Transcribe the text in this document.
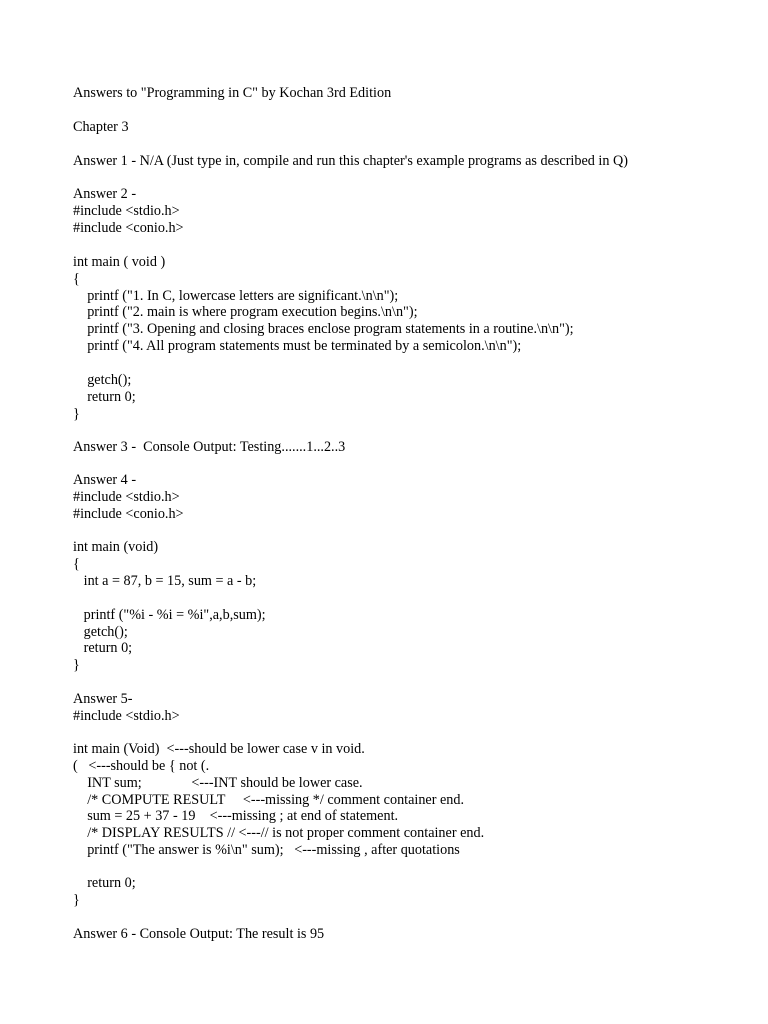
Answers to "Programming in C" by Kochan 3rd Edition
Chapter 3
Answer 1 - N/A (Just type in, compile and run this chapter's example programs as described in Q)
Answer 2 -
#include <stdio.h>
#include <conio.h>
int main ( void )
{
printf ("1. In C, lowercase letters are significant.\n\n");
printf ("2. main is where program execution begins.\n\n");
printf ("3. Opening and closing braces enclose program statements in a routine.\n\n");
printf ("4. All program statements must be terminated by a semicolon.\n\n");
getch();
return 0;
}
Answer 3 -  Console Output: Testing.......1...2..3
Answer 4 -
#include <stdio.h>
#include <conio.h>
int main (void)
{
int a = 87, b = 15, sum = a - b;
printf ("%i - %i = %i",a,b,sum);
getch();
return 0;
}
Answer 5-
#include <stdio.h>
int main (Void)  <---should be lower case v in void.
(   <---should be { not (.
INT sum;              <---INT should be lower case.
/* COMPUTE RESULT     <---missing */ comment container end.
sum = 25 + 37 - 19    <---missing ; at end of statement.
/* DISPLAY RESULTS // <---// is not proper comment container end.
printf ("The answer is %i\n" sum);   <---missing , after quotations
return 0;
}
Answer 6 - Console Output: The result is 95
